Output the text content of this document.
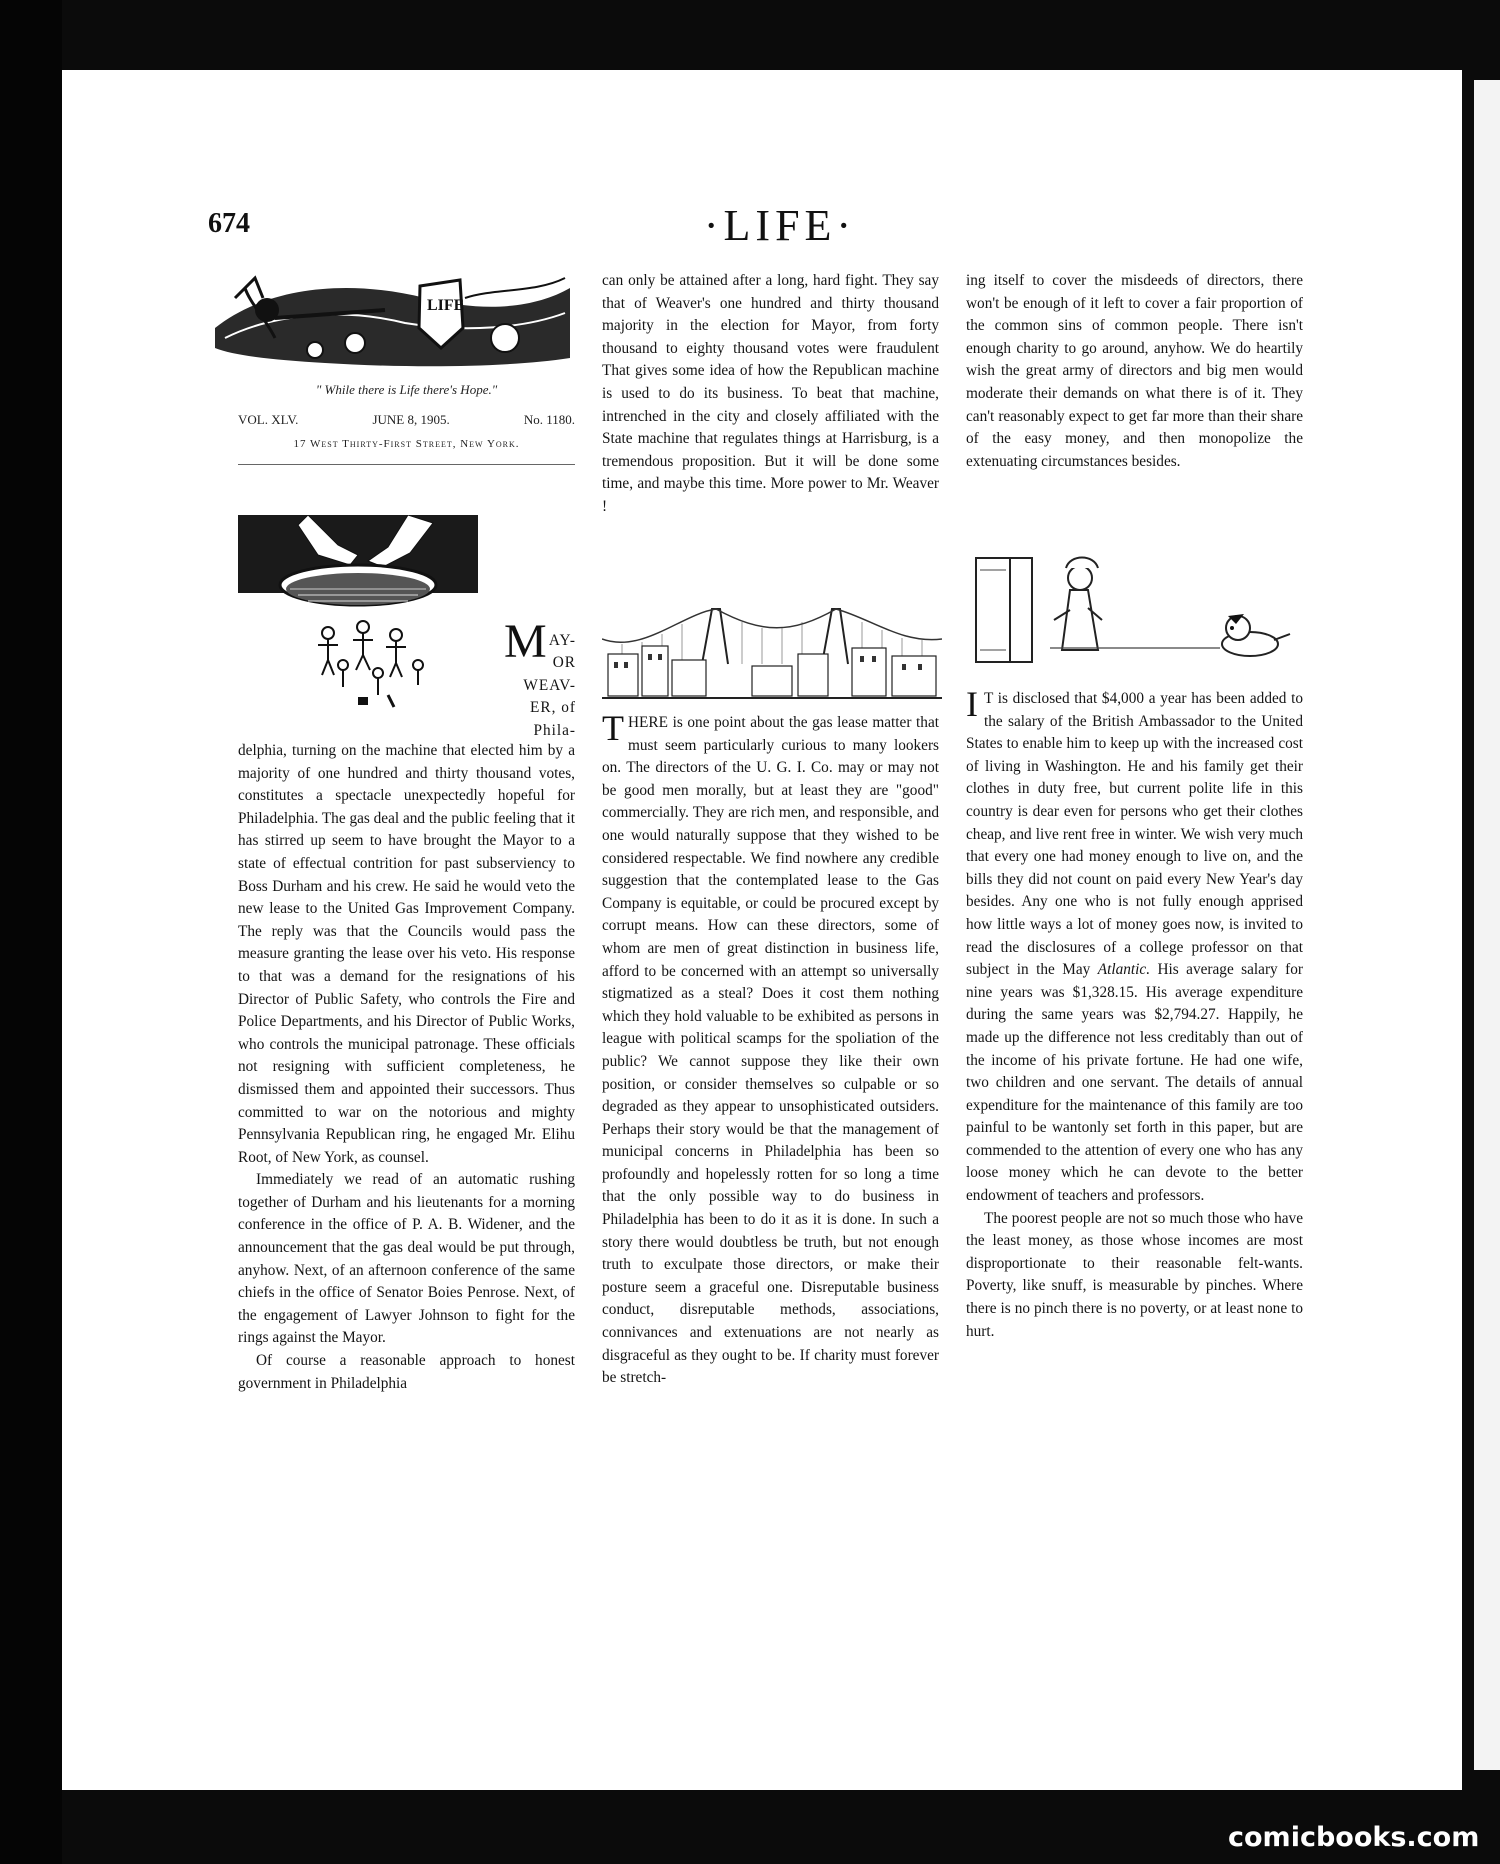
674	·LIFE·
LIFE
" While there is Life there's Hope."
VOL. XLV.	JUNE 8, 1905.	No. 1180.
17 West Thirty-First Street, New York.
M AY-
OR
WEAV-
ER, of
Phila-

delphia, turning on the machine that elected him by a majority of one hundred and thirty thousand votes, constitutes a spectacle unexpectedly hopeful for Philadelphia. The gas deal and the public feeling that it has stirred up seem to have brought the Mayor to a state of effectual contrition for past subserviency to Boss Durham and his crew. He said he would veto the new lease to the United Gas Improvement Company. The reply was that the Councils would pass the measure granting the lease over his veto. His response to that was a demand for the resignations of his Director of Public Safety, who controls the Fire and Police Departments, and his Director of Public Works, who controls the municipal patronage. These officials not resigning with sufficient completeness, he dismissed them and appointed their successors. Thus committed to war on the notorious and mighty Pennsylvania Republican ring, he engaged Mr. Elihu Root, of New York, as counsel.

Immediately we read of an automatic rushing together of Durham and his lieutenants for a morning conference in the office of P. A. B. Widener, and the announcement that the gas deal would be put through, anyhow. Next, of an afternoon conference of the same chiefs in the office of Senator Boies Penrose. Next, of the engagement of Lawyer Johnson to fight for the rings against the Mayor.

Of course a reasonable approach to honest government in Philadelphia

can only be attained after a long, hard fight. They say that of Weaver's one hundred and thirty thousand majority in the election for Mayor, from forty thousand to eighty thousand votes were fraudulent That gives some idea of how the Republican machine is used to do its business. To beat that machine, intrenched in the city and closely affiliated with the State machine that regulates things at Harrisburg, is a tremendous proposition. But it will be done some time, and maybe this time. More power to Mr. Weaver !

THERE is one point about the gas lease matter that must seem particularly curious to many lookers on. The directors of the U. G. I. Co. may or may not be good men morally, but at least they are "good" commercially. They are rich men, and responsible, and one would naturally suppose that they wished to be considered respectable. We find nowhere any credible suggestion that the contemplated lease to the Gas Company is equitable, or could be procured except by corrupt means. How can these directors, some of whom are men of great distinction in business life, afford to be concerned with an attempt so universally stigmatized as a steal? Does it cost them nothing which they hold valuable to be exhibited as persons in league with political scamps for the spoliation of the public? We cannot suppose they like their own position, or consider themselves so culpable or so degraded as they appear to unsophisticated outsiders. Perhaps their story would be that the management of municipal concerns in Philadelphia has been so profoundly and hopelessly rotten for so long a time that the only possible way to do business in Philadelphia has been to do it as it is done. In such a story there would doubtless be truth, but not enough truth to exculpate those directors, or make their posture seem a graceful one. Disreputable business conduct, disreputable methods, associations, connivances and extenuations are not nearly as disgraceful as they ought to be. If charity must forever be stretch-

ing itself to cover the misdeeds of directors, there won't be enough of it left to cover a fair proportion of the common sins of common people. There isn't enough charity to go around, anyhow. We do heartily wish the great army of directors and big men would moderate their demands on what there is of it. They can't reasonably expect to get far more than their share of the easy money, and then monopolize the extenuating circumstances besides.

I T is disclosed that $4,000 a year has been added to the salary of the British Ambassador to the United States to enable him to keep up with the increased cost of living in Washington. He and his family get their clothes in duty free, but current polite life in this country is dear even for persons who get their clothes cheap, and live rent free in winter. We wish very much that every one had money enough to live on, and the bills they did not count on paid every New Year's day besides. Any one who is not fully enough apprised how little ways a lot of money goes now, is invited to read the disclosures of a college professor on that subject in the May Atlantic. His average salary for nine years was $1,328.15. His average expenditure during the same years was $2,794.27. Happily, he made up the difference not less creditably than out of the income of his private fortune. He had one wife, two children and one servant. The details of annual expenditure for the maintenance of this family are too painful to be wantonly set forth in this paper, but are commended to the attention of every one who has any loose money which he can devote to the better endowment of teachers and professors.

The poorest people are not so much those who have the least money, as those whose incomes are most disproportionate to their reasonable felt-wants. Poverty, like snuff, is measurable by pinches. Where there is no pinch there is no poverty, or at least none to hurt.

comicbooks.com
